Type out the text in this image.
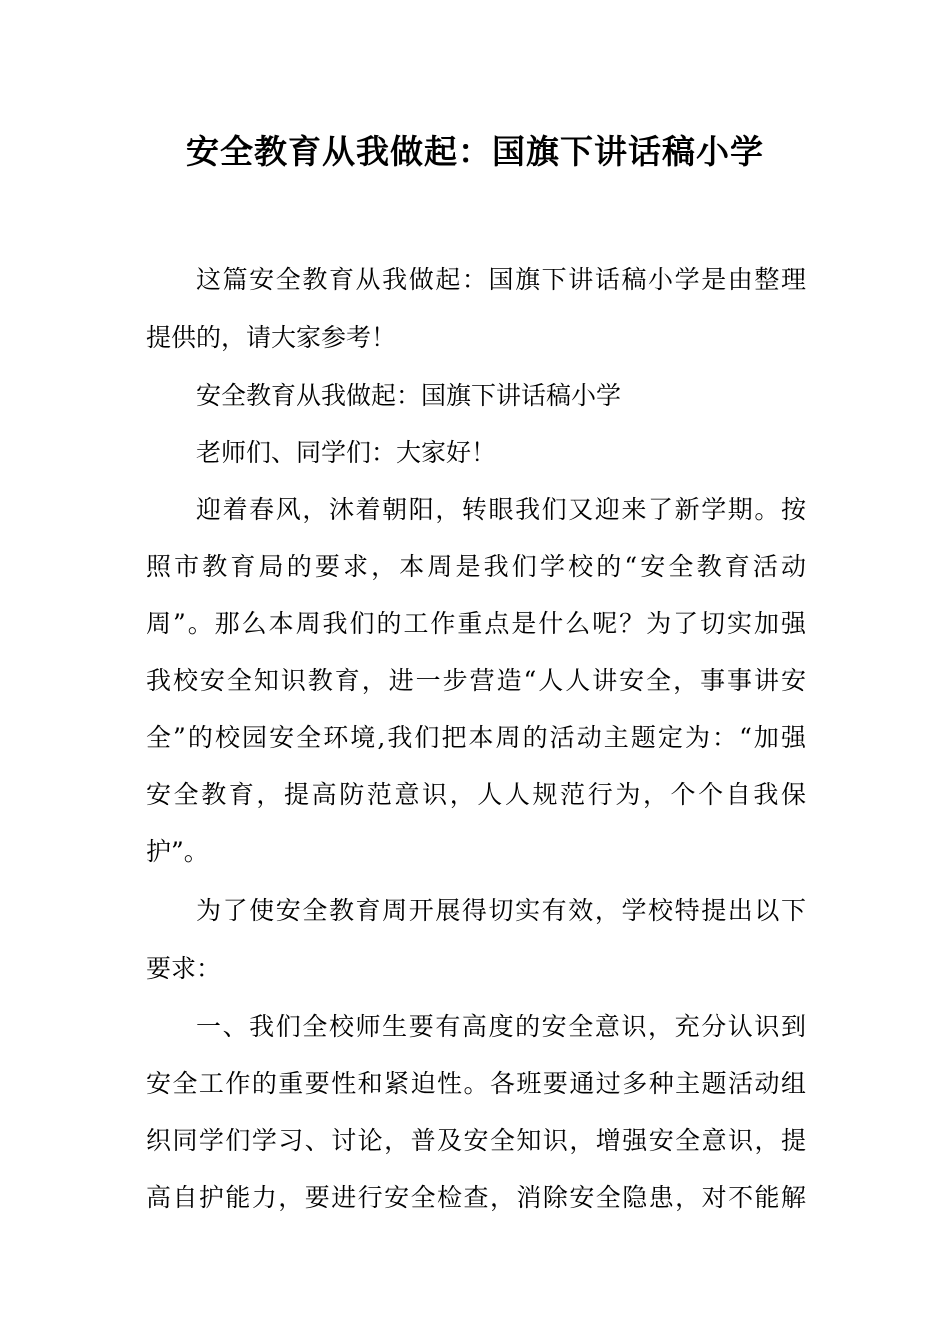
安全教育从我做起：国旗下讲话稿小学
这篇安全教育从我做起：国旗下讲话稿小学是由整理
提供的，请大家参考！
安全教育从我做起：国旗下讲话稿小学
老师们、同学们：大家好！
迎着春风，沐着朝阳，转眼我们又迎来了新学期。按
照市教育局的要求，本周是我们学校的“安全教育活动
周”。那么本周我们的工作重点是什么呢？为了切实加强
我校安全知识教育，进一步营造“人人讲安全，事事讲安
全”的校园安全环境,我们把本周的活动主题定为：“加强
安全教育，提高防范意识，人人规范行为，个个自我保
护”。
为了使安全教育周开展得切实有效，学校特提出以下
要求：
一、我们全校师生要有高度的安全意识，充分认识到
安全工作的重要性和紧迫性。各班要通过多种主题活动组
织同学们学习、讨论，普及安全知识，增强安全意识，提
高自护能力，要进行安全检查，消除安全隐患，对不能解
